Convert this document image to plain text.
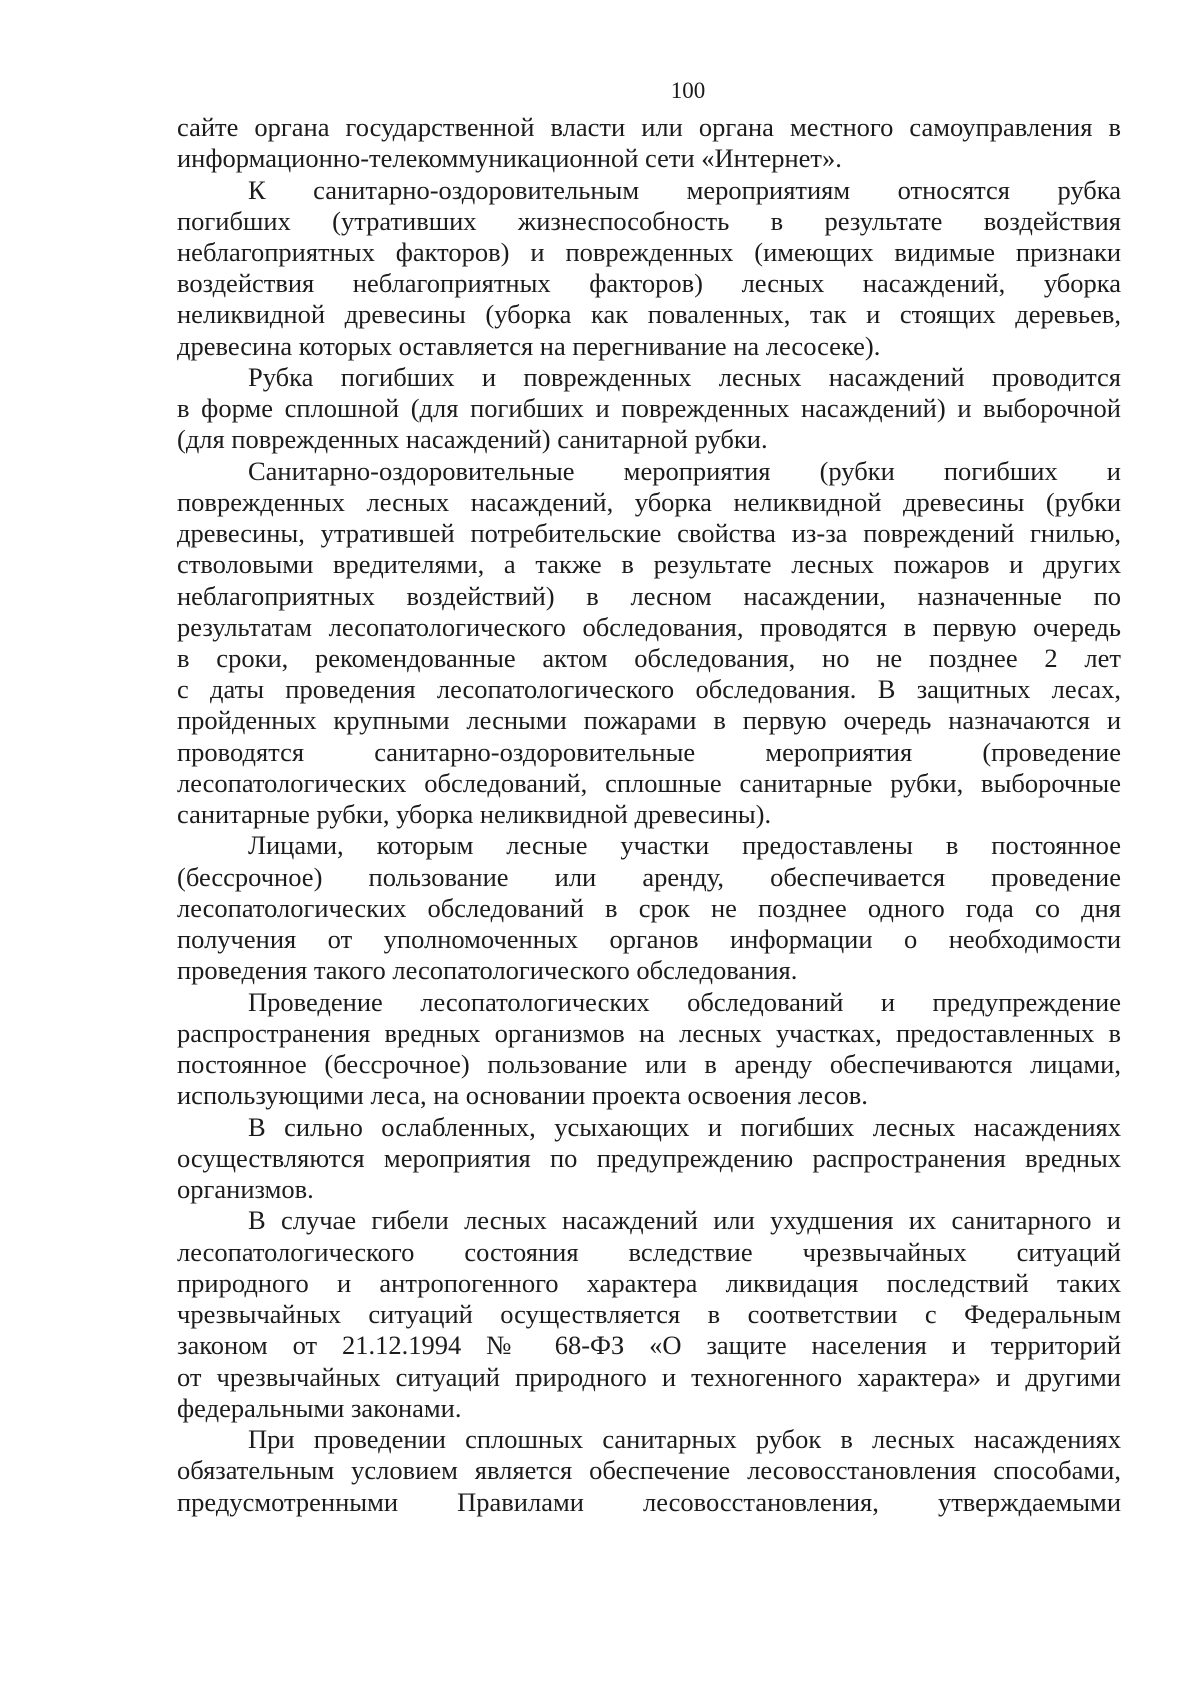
100
сайте органа государственной власти или органа местного самоуправления в
информационно-телекоммуникационной сети «Интернет».
К санитарно-оздоровительным мероприятиям относятся рубка
погибших (утративших жизнеспособность в результате воздействия
неблагоприятных факторов) и поврежденных (имеющих видимые признаки
воздействия неблагоприятных факторов) лесных насаждений, уборка
неликвидной древесины (уборка как поваленных, так и стоящих деревьев,
древесина которых оставляется на перегнивание на лесосеке).
Рубка погибших и поврежденных лесных насаждений проводится
в форме сплошной (для погибших и поврежденных насаждений) и выборочной
(для поврежденных насаждений) санитарной рубки.
Санитарно-оздоровительные мероприятия (рубки погибших и
поврежденных лесных насаждений, уборка неликвидной древесины (рубки
древесины, утратившей потребительские свойства из-за повреждений гнилью,
стволовыми вредителями, а также в результате лесных пожаров и других
неблагоприятных воздействий) в лесном насаждении, назначенные по
результатам лесопатологического обследования, проводятся в первую очередь
в сроки, рекомендованные актом обследования, но не позднее 2 лет
с даты проведения лесопатологического обследования. В защитных лесах,
пройденных крупными лесными пожарами в первую очередь назначаются и
проводятся санитарно-оздоровительные мероприятия (проведение
лесопатологических обследований, сплошные санитарные рубки, выборочные
санитарные рубки, уборка неликвидной древесины).
Лицами, которым лесные участки предоставлены в постоянное
(бессрочное) пользование или аренду, обеспечивается проведение
лесопатологических обследований в срок не позднее одного года со дня
получения от уполномоченных органов информации о необходимости
проведения такого лесопатологического обследования.
Проведение лесопатологических обследований и предупреждение
распространения вредных организмов на лесных участках, предоставленных в
постоянное (бессрочное) пользование или в аренду обеспечиваются лицами,
использующими леса, на основании проекта освоения лесов.
В сильно ослабленных, усыхающих и погибших лесных насаждениях
осуществляются мероприятия по предупреждению распространения вредных
организмов.
В случае гибели лесных насаждений или ухудшения их санитарного и
лесопатологического состояния вследствие чрезвычайных ситуаций
природного и антропогенного характера ликвидация последствий таких
чрезвычайных ситуаций осуществляется в соответствии с Федеральным
законом от 21.12.1994 № 68-ФЗ «О защите населения и территорий
от чрезвычайных ситуаций природного и техногенного характера» и другими
федеральными законами.
При проведении сплошных санитарных рубок в лесных насаждениях
обязательным условием является обеспечение лесовосстановления способами,
предусмотренными Правилами лесовосстановления, утверждаемыми
